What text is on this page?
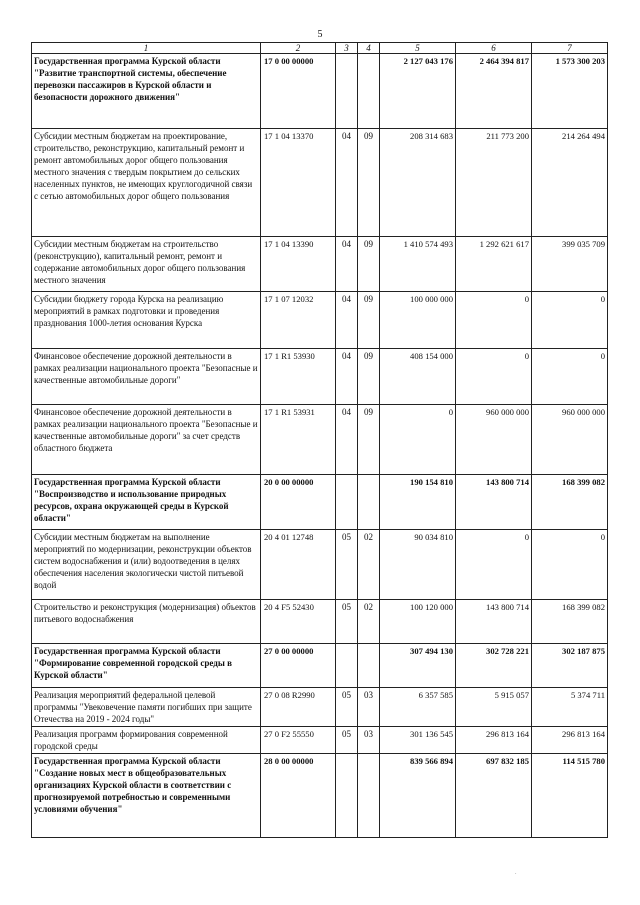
5
1	2	3	4	5	6	7
Государственная программа Курской области "Развитие транспортной системы, обеспечение перевозки пассажиров в Курской области и безопасности дорожного движения"	17 0 00 00000			2 127 043 176	2 464 394 817	1 573 300 203
Субсидии местным бюджетам на проектирование, строительство, реконструкцию, капитальный ремонт и ремонт автомобильных дорог общего пользования местного значения с твердым покрытием до сельских населенных пунктов, не имеющих круглогодичной связи с сетью автомобильных дорог общего пользования	17 1 04 13370	04	09	208 314 683	211 773 200	214 264 494
Субсидии местным бюджетам на строительство (реконструкцию), капитальный ремонт, ремонт и содержание автомобильных дорог общего пользования местного значения	17 1 04 13390	04	09	1 410 574 493	1 292 621 617	399 035 709
Субсидии бюджету города Курска на реализацию мероприятий в рамках подготовки и проведения празднования 1000-летия основания Курска	17 1 07 12032	04	09	100 000 000	0	0
Финансовое обеспечение дорожной деятельности в рамках реализации национального проекта "Безопасные и качественные автомобильные дороги"	17 1 R1 53930	04	09	408 154 000	0	0
Финансовое обеспечение дорожной деятельности в рамках реализации национального проекта "Безопасные и качественные автомобильные дороги" за счет средств областного бюджета	17 1 R1 53931	04	09	0	960 000 000	960 000 000
Государственная программа Курской области "Воспроизводство и использование природных ресурсов, охрана окружающей среды в Курской области"	20 0 00 00000			190 154 810	143 800 714	168 399 082
Субсидии местным бюджетам на выполнение мероприятий по модернизации, реконструкции объектов систем водоснабжения и (или) водоотведения в целях обеспечения населения экологически чистой питьевой водой	20 4 01 12748	05	02	90 034 810	0	0
Строительство и реконструкция (модернизация) объектов питьевого водоснабжения	20 4 F5 52430	05	02	100 120 000	143 800 714	168 399 082
Государственная программа Курской области "Формирование современной городской среды в Курской области"	27 0 00 00000			307 494 130	302 728 221	302 187 875
Реализация мероприятий федеральной целевой программы "Увековечение памяти погибших при защите Отечества на 2019 - 2024 годы"	27 0 08 R2990	05	03	6 357 585	5 915 057	5 374 711
Реализация программ формирования современной городской среды	27 0 F2 55550	05	03	301 136 545	296 813 164	296 813 164
Государственная программа Курской области "Создание новых мест в общеобразовательных организациях Курской области в соответствии с прогнозируемой потребностью и современными условиями обучения"	28 0 00 00000			839 566 894	697 832 185	114 515 780
.
